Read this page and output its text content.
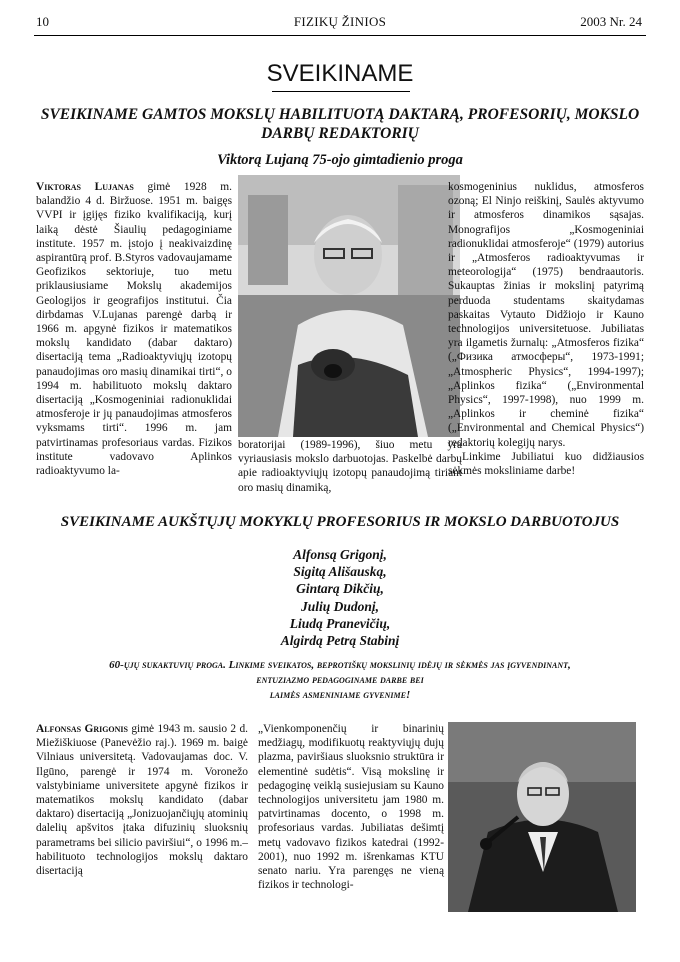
10	FIZIKŲ ŽINIOS	2003 Nr. 24
SVEIKINAME
SVEIKINAME GAMTOS MOKSLŲ HABILITUOTĄ DAKTARĄ, PROFESORIŲ, MOKSLO DARBŲ REDAKTORIŲ
Viktorą Lujaną 75-ojo gimtadienio proga

Viktoras Lujanas gimė 1928 m. balandžio 4 d. Biržuose. 1951 m. baigęs VVPI ir įgijęs fiziko kvalifikaciją, kurį laiką dėstė Šiaulių pedagoginiame institute. 1957 m. įstojo į neakivaizdinę aspirantūrą prof. B.Styros vadovaujamame Geofizikos sektoriuje, tuo metu priklausiusiame Mokslų akademijos Geologijos ir geografijos institutui. Čia dirbdamas V.Lujanas parengė darbą ir 1966 m. apgynė fizikos ir matematikos mokslų kandidato (dabar daktaro) disertaciją tema „Radioaktyviųjų izotopų panaudojimas oro masių dinamikai tirti“, o 1994 m. habilituoto mokslų daktaro disertaciją „Kosmogeniniai radionuklidai atmosferoje ir jų panaudojimas atmosferos vyksmams tirti“. 1996 m. jam patvirtinamas profesoriaus vardas. Fizikos institute vadovavo Aplinkos radioaktyvumo la-

boratorijai (1989-1996), šiuo metu yra vyriausiasis mokslo darbuotojas. Paskelbė darbų apie radioaktyviųjų izotopų panaudojimą tiriant oro masių dinamiką,

kosmogeninius nuklidus, atmosferos ozoną; El Ninjo reiškinį, Saulės aktyvumo ir atmosferos dinamikos sąsajas. Monografijos „Kosmogeniniai radionuklidai atmosferoje“ (1979) autorius ir „Atmosferos radioaktyvumas ir meteorologija“ (1975) bendraautoris. Sukauptas žinias ir mokslinį patyrimą perduoda studentams skaitydamas paskaitas Vytauto Didžiojo ir Kauno technologijos universitetuose. Jubiliatas yra ilgametis žurnalų: „Atmosferos fizika“ („Физика атмосферы“, 1973-1991; „Atmospheric Physics“, 1994-1997); „Aplinkos fizika“ („Environmental Physics“, 1997-1998), nuo 1999 m. „Aplinkos ir cheminė fizika“ („Environmental and Chemical Physics“) redaktorių kolegijų narys.

Linkime Jubiliatui kuo didžiausios sėkmės moksliniame darbe!

SVEIKINAME AUKŠTŲJŲ MOKYKLŲ PROFESORIUS IR MOKSLO DARBUOTOJUS
Alfonsą Grigonį,
Sigitą Ališauską,
Gintarą Dikčių,
Julių Dudonį,
Liudą Pranevičių,
Algirdą Petrą Stabinį
60-ųjų sukaktuvių proga. Linkime sveikatos, beprotiškų mokslinių idėjų ir sėkmės jas įgyvendinant,
entuziazmo pedagoginame darbe bei
laimės asmeniniame gyvenime!

Alfonsas Grigonis gimė 1943 m. sausio 2 d. Miežiškiuose (Panevėžio raj.). 1969 m. baigė Vilniaus universitetą. Vadovaujamas doc. V. Ilgūno, parengė ir 1974 m. Voronežo valstybiniame universitete apgynė fizikos ir matematikos mokslų kandidato (dabar daktaro) disertaciją „Jonizuojančiųjų atominių dalelių apšvitos įtaka difuzinių sluoksnių parametrams bei silicio paviršiui“, o 1996 m.–habilituoto technologijos mokslų daktaro disertaciją

„Vienkomponenčių ir binarinių medžiagų, modifikuotų reaktyviųjų dujų plazma, paviršiaus sluoksnio struktūra ir elementinė sudėtis“. Visą mokslinę ir pedagoginę veiklą susiejusiam su Kauno technologijos universitetu jam 1980 m. patvirtinamas docento, o 1998 m. profesoriaus vardas. Jubiliatas dešimtį metų vadovavo fizikos katedrai (1992-2001), nuo 1992 m. išrenkamas KTU senato nariu. Yra parengęs ne vieną fizikos ir technologi-
